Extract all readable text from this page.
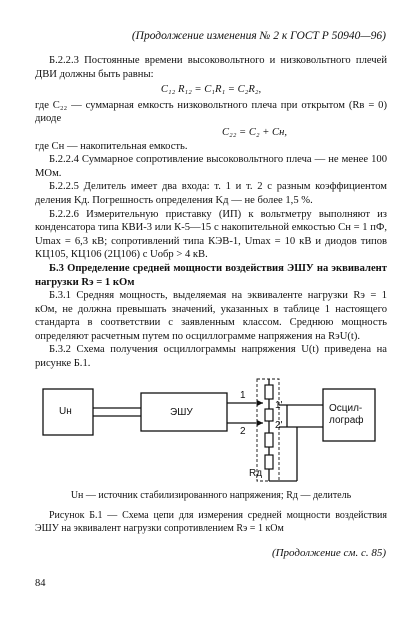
(Продолжение изменения № 2 к ГОСТ Р 50940—96)

Б.2.2.3 Постоянные времени высоковольтного и низковольтного плечей ДВИ должны быть равны:

C₁₂ R₁₂ = C₁R₁ = C₂R₂,

где C₂₂ — суммарная емкость низковольтного плеча при открытом (Rв = 0) диоде

C₂₂ = C₂ + Cн,

где Cн — накопительная емкость.

Б.2.2.4 Суммарное сопротивление высоковольтного плеча — не менее 100 МОм.

Б.2.2.5 Делитель имеет два входа: т. 1 и т. 2 с разным коэффициентом деления Kд. Погрешность определения Kд — не более 1,5 %.

Б.2.2.6 Измерительную приставку (ИП) к вольтметру выполняют из конденсатора типа КВИ-3 или К-5—15 с накопительной емкостью Cн = 1 пФ, Umax = 6,3 кВ; сопротивлений типа КЭВ-1, Umax = 10 кВ и диодов типов КЦ105, КЦ106 (2Ц106) с Uобр > 4 кВ.

Б.3 Определение средней мощности воздействия ЭШУ на эквивалент нагрузки Rэ = 1 кОм

Б.3.1 Средняя мощность, выделяемая на эквиваленте нагрузки Rэ = 1 кОм, не должна превышать значений, указанных в таблице 1 настоящего стандарта в соответствии с заявленным классом. Среднюю мощность определяют расчетным путем по осциллограмме напряжения на RэU(t).

Б.3.2 Схема получения осциллограммы напряжения U(t) приведена на рисунке Б.1.

Uн	ЭШУ	Осцил-
лограф
1
2
1'
2'
Rд

Uн — источник стабилизированного напряжения; Rд — делитель

Рисунок Б.1 — Схема цепи для измерения средней мощности воздействия ЭШУ на эквивалент нагрузки сопротивлением Rэ = 1 кОм

(Продолжение см. с. 85)
84
